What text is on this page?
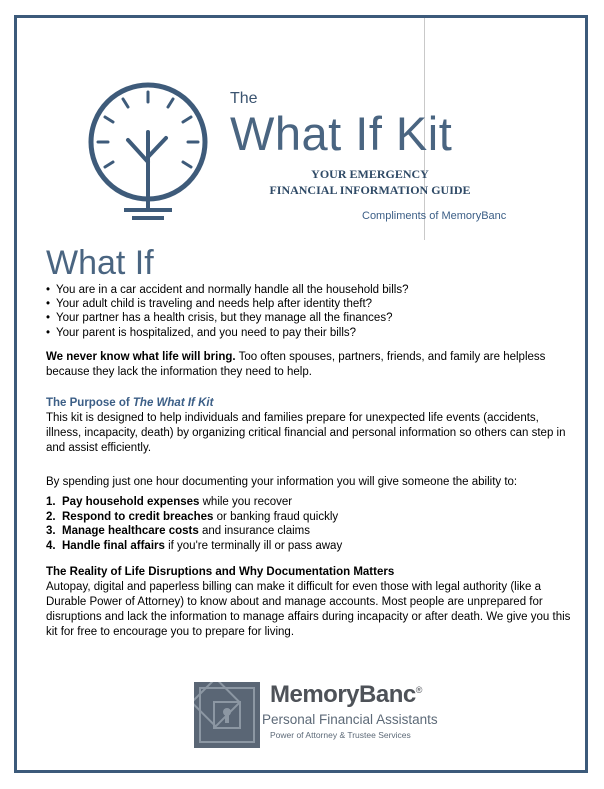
The
What If Kit
YOUR EMERGENCY
FINANCIAL INFORMATION GUIDE
Compliments of MemoryBanc
What If
• You are in a car accident and normally handle all the household bills?
• Your adult child is traveling and needs help after identity theft?
• Your partner has a health crisis, but they manage all the finances?
• Your parent is hospitalized, and you need to pay their bills?

We never know what life will bring. Too often spouses, partners, friends, and family are helpless because they lack the information they need to help.

The Purpose of The What If Kit

This kit is designed to help individuals and families prepare for unexpected life events (accidents, illness, incapacity, death) by organizing critical financial and personal information so others can step in and assist efficiently.

By spending just one hour documenting your information you will give someone the ability to:

1. Pay household expenses while you recover
2. Respond to credit breaches or banking fraud quickly
3. Manage healthcare costs and insurance claims
4. Handle final affairs if you're terminally ill or pass away
The Reality of Life Disruptions and Why Documentation Matters

Autopay, digital and paperless billing can make it difficult for even those with legal authority (like a Durable Power of Attorney) to know about and manage accounts. Most people are unprepared for disruptions and lack the information to manage affairs during incapacity or after death. We give you this kit for free to encourage you to prepare for living.

MemoryBanc®
Personal Financial Assistants
Power of Attorney & Trustee Services
